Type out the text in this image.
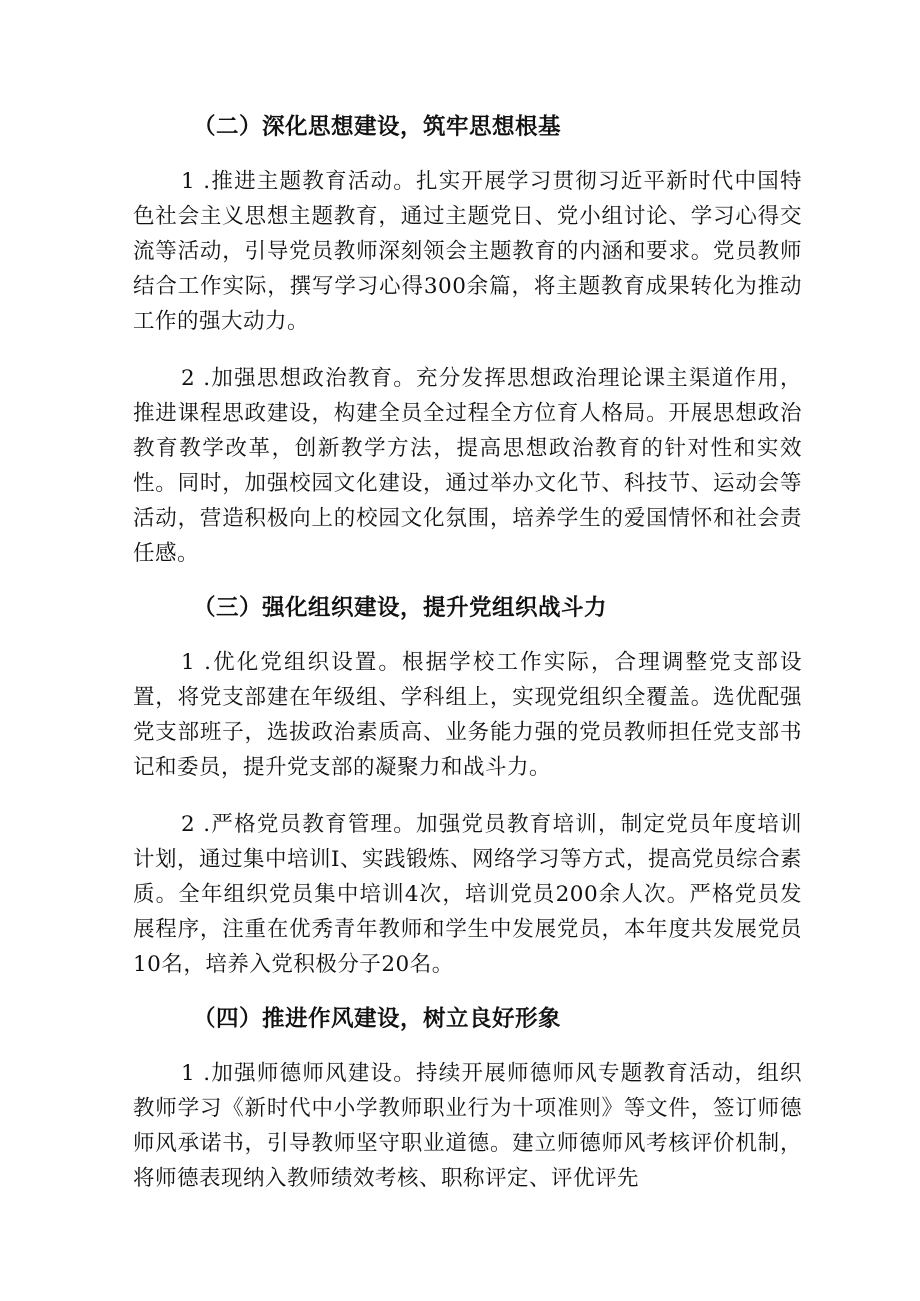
（二）深化思想建设，筑牢思想根基

1 .推进主题教育活动。扎实开展学习贯彻习近平新时代中国特色社会主义思想主题教育，通过主题党日、党小组讨论、学习心得交流等活动，引导党员教师深刻领会主题教育的内涵和要求。党员教师结合工作实际，撰写学习心得300余篇，将主题教育成果转化为推动工作的强大动力。

2 .加强思想政治教育。充分发挥思想政治理论课主渠道作用，推进课程思政建设，构建全员全过程全方位育人格局。开展思想政治教育教学改革，创新教学方法，提高思想政治教育的针对性和实效性。同时，加强校园文化建设，通过举办文化节、科技节、运动会等活动，营造积极向上的校园文化氛围，培养学生的爱国情怀和社会责任感。

（三）强化组织建设，提升党组织战斗力

1 .优化党组织设置。根据学校工作实际，合理调整党支部设置，将党支部建在年级组、学科组上，实现党组织全覆盖。选优配强党支部班子，选拔政治素质高、业务能力强的党员教师担任党支部书记和委员，提升党支部的凝聚力和战斗力。

2 .严格党员教育管理。加强党员教育培训，制定党员年度培训计划，通过集中培训I、实践锻炼、网络学习等方式，提高党员综合素质。全年组织党员集中培训4次，培训党员200余人次。严格党员发展程序，注重在优秀青年教师和学生中发展党员，本年度共发展党员10名，培养入党积极分子20名。

（四）推进作风建设，树立良好形象

1 .加强师德师风建设。持续开展师德师风专题教育活动，组织教师学习《新时代中小学教师职业行为十项准则》等文件，签订师德师风承诺书，引导教师坚守职业道德。建立师德师风考核评价机制，将师德表现纳入教师绩效考核、职称评定、评优评先
